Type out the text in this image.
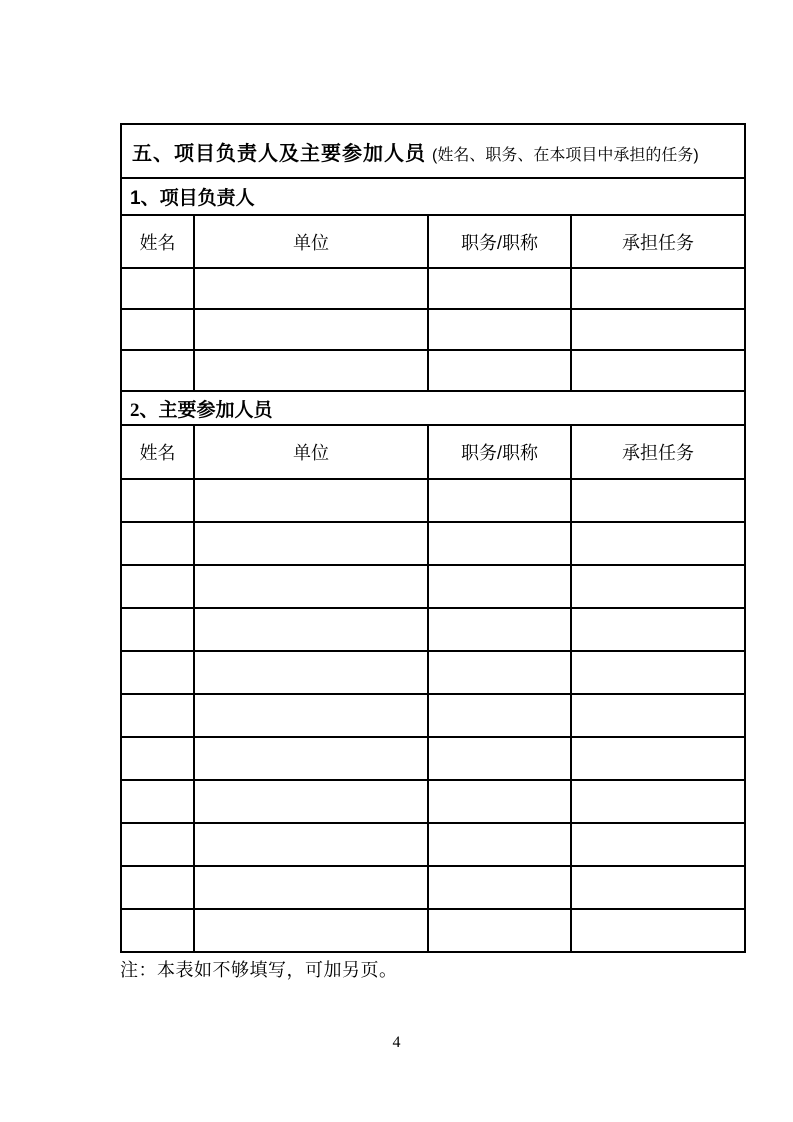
五、项目负责人及主要参加人员 (姓名、职务、在本项目中承担的任务)			
1、项目负责人			
姓名	单位	职务/职称	承担任务

2、主要参加人员			
姓名	单位	职务/职称	承担任务

注：本表如不够填写，可加另页。
4
